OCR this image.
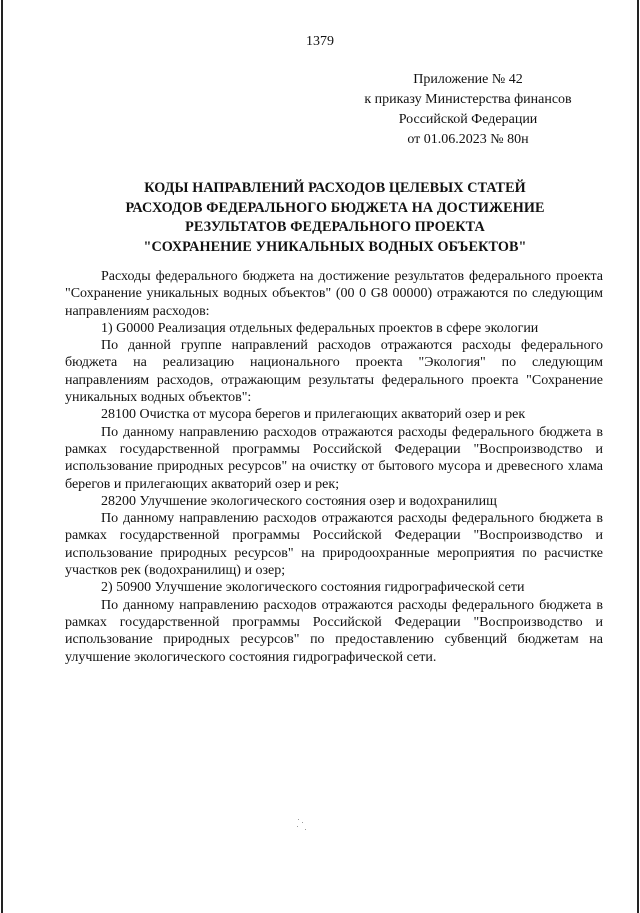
1379
Приложение № 42
к приказу Министерства финансов
Российской Федерации
от 01.06.2023 № 80н
КОДЫ НАПРАВЛЕНИЙ РАСХОДОВ ЦЕЛЕВЫХ СТАТЕЙ
РАСХОДОВ ФЕДЕРАЛЬНОГО БЮДЖЕТА НА ДОСТИЖЕНИЕ
РЕЗУЛЬТАТОВ ФЕДЕРАЛЬНОГО ПРОЕКТА
"СОХРАНЕНИЕ УНИКАЛЬНЫХ ВОДНЫХ ОБЪЕКТОВ"

Расходы федерального бюджета на достижение результатов федерального проекта "Сохранение уникальных водных объектов" (00 0 G8 00000) отражаются по следующим направлениям расходов:

1) G0000 Реализация отдельных федеральных проектов в сфере экологии

По данной группе направлений расходов отражаются расходы федерального бюджета на реализацию национального проекта "Экология" по следующим направлениям расходов, отражающим результаты федерального проекта "Сохранение уникальных водных объектов":

28100 Очистка от мусора берегов и прилегающих акваторий озер и рек

По данному направлению расходов отражаются расходы федерального бюджета в рамках государственной программы Российской Федерации "Воспроизводство и использование природных ресурсов" на очистку от бытового мусора и древесного хлама берегов и прилегающих акваторий озер и рек;

28200 Улучшение экологического состояния озер и водохранилищ

По данному направлению расходов отражаются расходы федерального бюджета в рамках государственной программы Российской Федерации "Воспроизводство и использование природных ресурсов" на природоохранные мероприятия по расчистке участков рек (водохранилищ) и озер;

2) 50900 Улучшение экологического состояния гидрографической сети

По данному направлению расходов отражаются расходы федерального бюджета в рамках государственной программы Российской Федерации "Воспроизводство и использование природных ресурсов" по предоставлению субвенций бюджетам на улучшение экологического состояния гидрографической сети.
